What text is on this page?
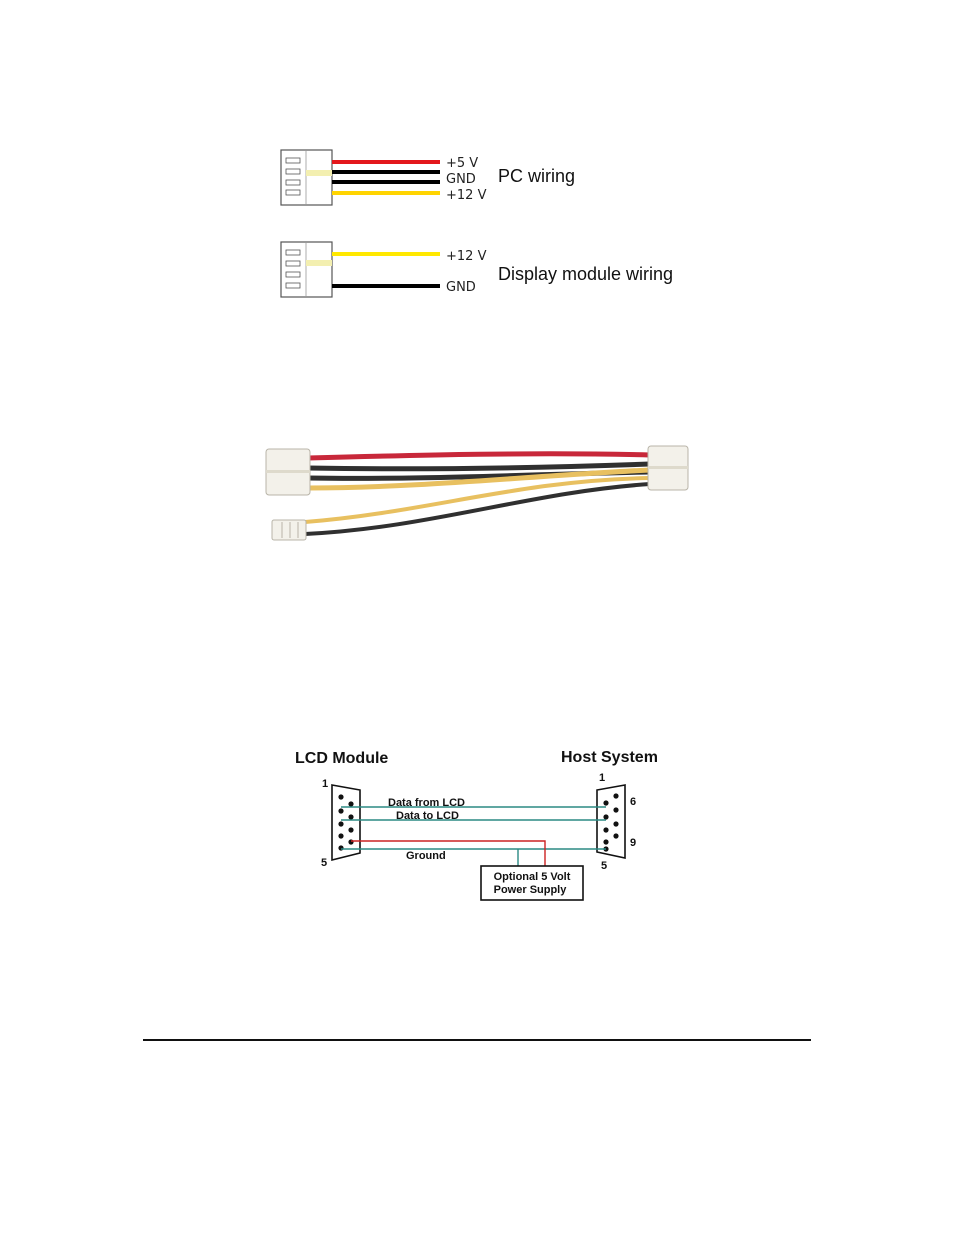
+5 V
GND
+12 V
PC wiring
+12 V
GND
Display module wiring
LCD Module	Host System
1
5
1
6
9
5
Data from LCD
Data to LCD
Ground
Optional 5 Volt
Power Supply
